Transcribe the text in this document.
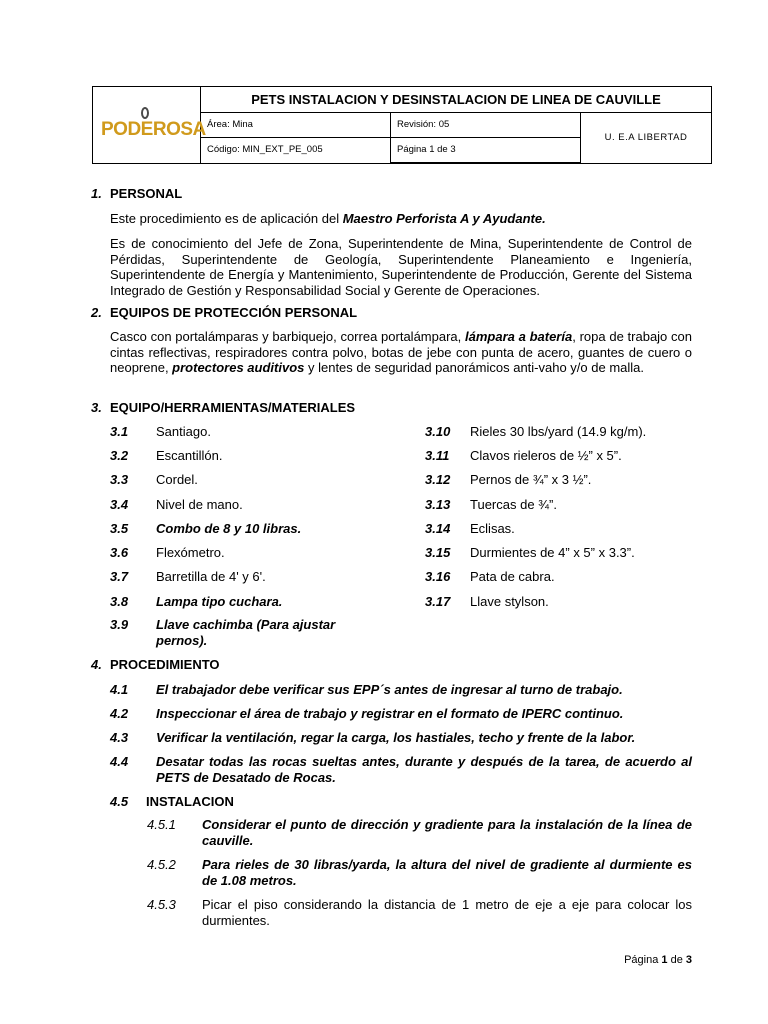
PODEROSA
PETS INSTALACION Y DESINSTALACION DE LINEA DE CAUVILLE
Área: Mina	Revisión: 05
Código: MIN_EXT_PE_005	Página 1 de 3
U. E.A LIBERTAD
1. PERSONAL
Este procedimiento es de aplicación del Maestro Perforista A y Ayudante.
Es de conocimiento del Jefe de Zona, Superintendente de Mina, Superintendente de Control de Pérdidas, Superintendente de Geología, Superintendente Planeamiento e Ingeniería, Superintendente de Energía y Mantenimiento, Superintendente de Producción, Gerente del Sistema Integrado de Gestión y Responsabilidad Social y Gerente de Operaciones.
2. EQUIPOS DE PROTECCIÓN PERSONAL
Casco con portalámparas y barbiquejo, correa portalámpara, lámpara a batería, ropa de trabajo con cintas reflectivas, respiradores contra polvo, botas de jebe con punta de acero, guantes de cuero o neoprene, protectores auditivos y lentes de seguridad panorámicos anti-vaho y/o de malla.
3. EQUIPO/HERRAMIENTAS/MATERIALES
3.1 Santiago.
3.2 Escantillón.
3.3 Cordel.
3.4 Nivel de mano.
3.5 Combo de 8 y 10 libras.
3.6 Flexómetro.
3.7 Barretilla de 4' y 6'.
3.8 Lampa tipo cuchara.
3.9 Llave cachimba (Para ajustar
pernos).
3.10 Rieles 30 lbs/yard (14.9 kg/m).
3.11 Clavos rieleros de ½” x 5”.
3.12 Pernos de ¾” x 3 ½”.
3.13 Tuercas de ¾”.
3.14 Eclisas.
3.15 Durmientes de 4” x 5” x 3.3”.
3.16 Pata de cabra.
3.17 Llave stylson.
4. PROCEDIMIENTO
4.1 El trabajador debe verificar sus EPP´s antes de ingresar al turno de trabajo.
4.2 Inspeccionar el área de trabajo y registrar en el formato de IPERC continuo.
4.3 Verificar la ventilación, regar la carga, los hastiales, techo y frente de la labor.
4.4 Desatar todas las rocas sueltas antes, durante y después de la tarea, de acuerdo al PETS de Desatado de Rocas.
4.5 INSTALACION
4.5.1 Considerar el punto de dirección y gradiente para la instalación de la línea de cauville.
4.5.2 Para rieles de 30 libras/yarda, la altura del nivel de gradiente al durmiente es de 1.08 metros.
4.5.3 Picar el piso considerando la distancia de 1 metro de eje a eje para colocar los durmientes.
Página 1 de 3
